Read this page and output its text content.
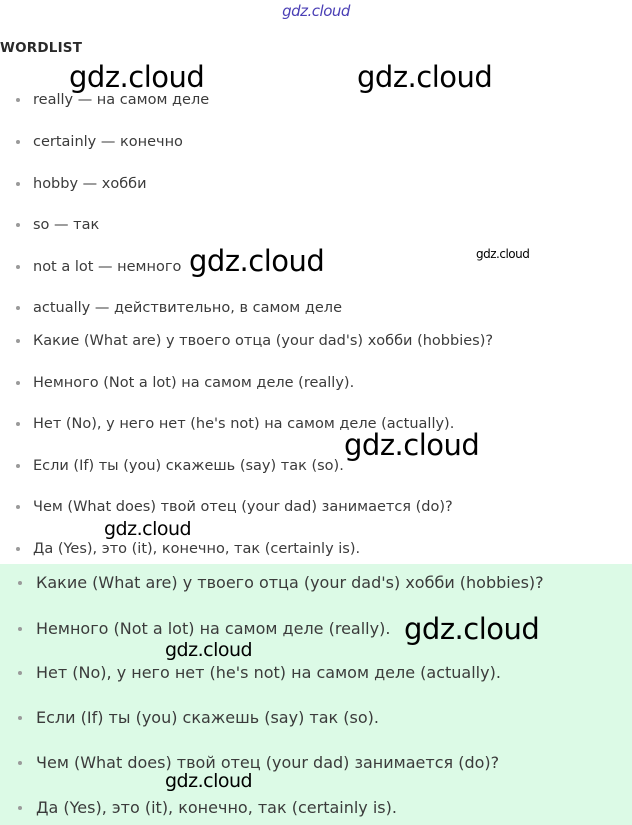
gdz.cloud
WORDLIST
really — на самом деле
certainly — конечно
hobby — хобби
so — так
not a lot — немного
actually — действительно, в самом деле
Какие (What are) у твоего отца (your dad's) хобби (hobbies)?
Немного (Not a lot) на самом деле (really).
Нет (No), у него нет (he's not) на самом деле (actually).
Если (If) ты (you) скажешь (say) так (so).
Чем (What does) твой отец (your dad) занимается (do)?
Да (Yes), это (it), конечно, так (certainly is).
Какие (What are) у твоего отца (your dad's) хобби (hobbies)?
Немного (Not a lot) на самом деле (really).
Нет (No), у него нет (he's not) на самом деле (actually).
Если (If) ты (you) скажешь (say) так (so).
Чем (What does) твой отец (your dad) занимается (do)?
Да (Yes), это (it), конечно, так (certainly is).
gdz.cloud	gdz.cloud
gdz.cloud	gdz.cloud
gdz.cloud
gdz.cloud
gdz.cloud
gdz.cloud
gdz.cloud
